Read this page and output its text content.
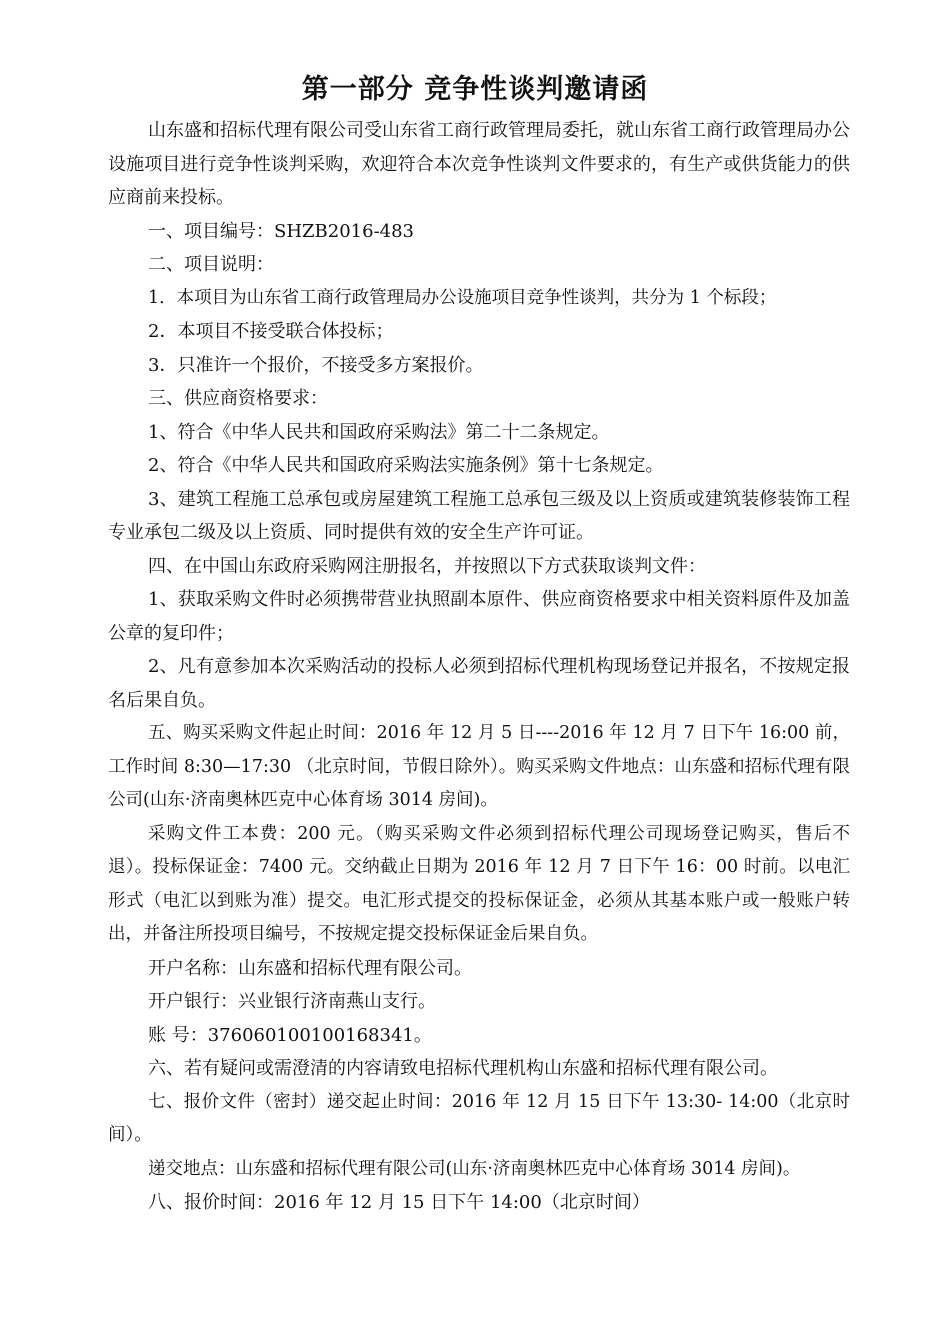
第一部分 竞争性谈判邀请函

山东盛和招标代理有限公司受山东省工商行政管理局委托，就山东省工商行政管理局办公设施项目进行竞争性谈判采购，欢迎符合本次竞争性谈判文件要求的，有生产或供货能力的供应商前来投标。

一、项目编号：SHZB2016-483

二、项目说明：

1．本项目为山东省工商行政管理局办公设施项目竞争性谈判，共分为 1 个标段；

2．本项目不接受联合体投标；

3．只准许一个报价，不接受多方案报价。

三、供应商资格要求：

1、符合《中华人民共和国政府采购法》第二十二条规定。

2、符合《中华人民共和国政府采购法实施条例》第十七条规定。

3、建筑工程施工总承包或房屋建筑工程施工总承包三级及以上资质或建筑装修装饰工程专业承包二级及以上资质、同时提供有效的安全生产许可证。

四、在中国山东政府采购网注册报名，并按照以下方式获取谈判文件：

1、获取采购文件时必须携带营业执照副本原件、供应商资格要求中相关资料原件及加盖公章的复印件；

2、凡有意参加本次采购活动的投标人必须到招标代理机构现场登记并报名，不按规定报名后果自负。

五、购买采购文件起止时间：2016 年 12 月 5 日----2016 年 12 月 7 日下午 16:00 前，工作时间 8:30—17:30 （北京时间，节假日除外）。购买采购文件地点：山东盛和招标代理有限公司(山东·济南奥林匹克中心体育场 3014 房间)。

采购文件工本费：200 元。（购买采购文件必须到招标代理公司现场登记购买，售后不退）。投标保证金：7400 元。交纳截止日期为 2016 年 12 月 7 日下午 16：00 时前。以电汇形式（电汇以到账为准）提交。电汇形式提交的投标保证金，必须从其基本账户或一般账户转出，并备注所投项目编号，不按规定提交投标保证金后果自负。

开户名称：山东盛和招标代理有限公司。

开户银行：兴业银行济南燕山支行。

账 号：376060100100168341。

六、若有疑问或需澄清的内容请致电招标代理机构山东盛和招标代理有限公司。

七、报价文件（密封）递交起止时间：2016 年 12 月 15 日下午 13:30- 14:00（北京时间）。

递交地点：山东盛和招标代理有限公司(山东·济南奥林匹克中心体育场 3014 房间)。

八、报价时间：2016 年 12 月 15 日下午 14:00（北京时间）
